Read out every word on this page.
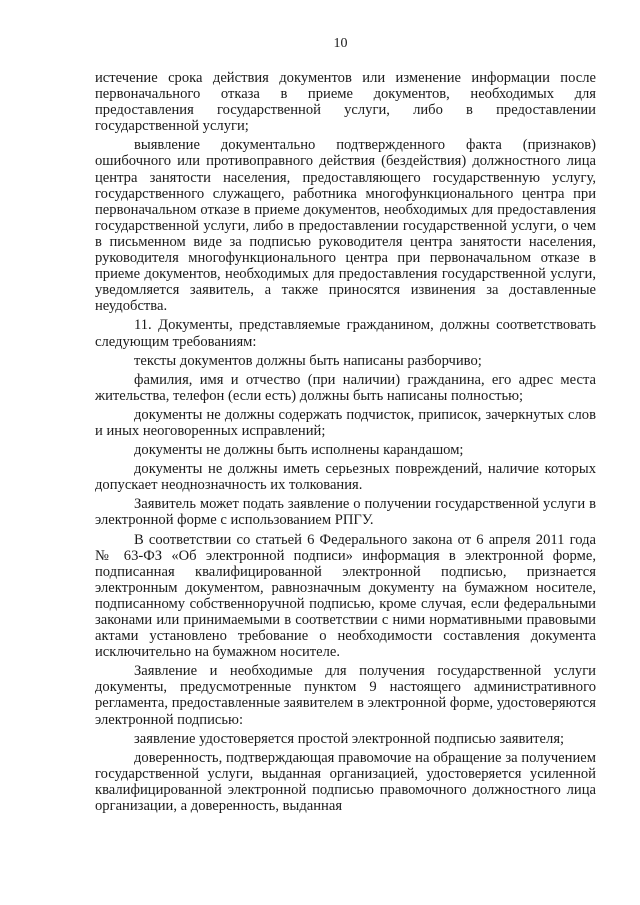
10

истечение срока действия документов или изменение информации после первоначального отказа в приеме документов, необходимых для предоставления государственной услуги, либо в предоставлении государственной услуги;

выявление документально подтвержденного факта (признаков) ошибочного или противоправного действия (бездействия) должностного лица центра занятости населения, предоставляющего государственную услугу, государственного служащего, работника многофункционального центра при первоначальном отказе в приеме документов, необходимых для предоставления государственной услуги, либо в предоставлении государственной услуги, о чем в письменном виде за подписью руководителя центра занятости населения, руководителя многофункционального центра при первоначальном отказе в приеме документов, необходимых для предоставления государственной услуги, уведомляется заявитель, а также приносятся извинения за доставленные неудобства.

11. Документы, представляемые гражданином, должны соответствовать следующим требованиям:

тексты документов должны быть написаны разборчиво;

фамилия, имя и отчество (при наличии) гражданина, его адрес места жительства, телефон (если есть) должны быть написаны полностью;

документы не должны содержать подчисток, приписок, зачеркнутых слов и иных неоговоренных исправлений;

документы не должны быть исполнены карандашом;

документы не должны иметь серьезных повреждений, наличие которых допускает неоднозначность их толкования.

Заявитель может подать заявление о получении государственной услуги в электронной форме с использованием РПГУ.

В соответствии со статьей 6 Федерального закона от 6 апреля 2011 года № 63-ФЗ «Об электронной подписи» информация в электронной форме, подписанная квалифицированной электронной подписью, признается электронным документом, равнозначным документу на бумажном носителе, подписанному собственноручной подписью, кроме случая, если федеральными законами или принимаемыми в соответствии с ними нормативными правовыми актами установлено требование о необходимости составления документа исключительно на бумажном носителе.

Заявление и необходимые для получения государственной услуги документы, предусмотренные пунктом 9 настоящего административного регламента, предоставленные заявителем в электронной форме, удостоверяются электронной подписью:

заявление удостоверяется простой электронной подписью заявителя;

доверенность, подтверждающая правомочие на обращение за получением государственной услуги, выданная организацией, удостоверяется усиленной квалифицированной электронной подписью правомочного должностного лица организации, а доверенность, выданная
